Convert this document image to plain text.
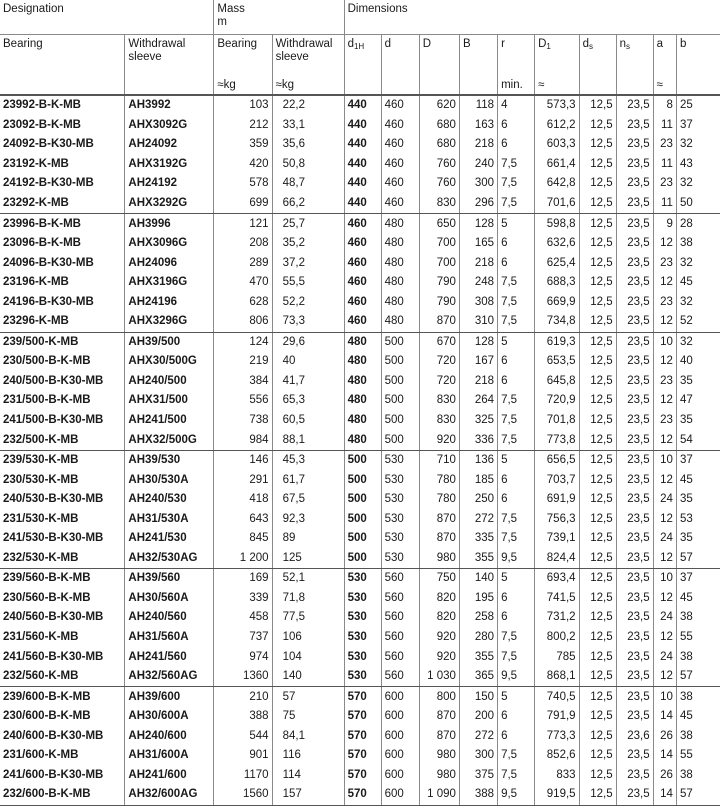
Designation		Mass
m		Dimensions									
Bearing	Withdrawal sleeve	Bearing	Withdrawal sleeve	$d_{1H}$	d	D	B	r	$D_1$	$d_s$	$n_s$	a	b
		≈kg	≈kg					min.	≈			≈	
23992-B-K-MB	AH3992	103	22,2	440	460	620	118	4	573,3	12,5	23,5	8	25
23092-B-K-MB	AHX3092G	212	33,1	440	460	680	163	6	612,2	12,5	23,5	11	37
24092-B-K30-MB	AH24092	359	35,6	440	460	680	218	6	603,3	12,5	23,5	23	32
23192-K-MB	AHX3192G	420	50,8	440	460	760	240	7,5	661,4	12,5	23,5	11	43
24192-B-K30-MB	AH24192	578	48,7	440	460	760	300	7,5	642,8	12,5	23,5	23	32
23292-K-MB	AHX3292G	699	66,2	440	460	830	296	7,5	701,6	12,5	23,5	11	50
23996-B-K-MB	AH3996	121	25,7	460	480	650	128	5	598,8	12,5	23,5	9	28
23096-B-K-MB	AHX3096G	208	35,2	460	480	700	165	6	632,6	12,5	23,5	12	38
24096-B-K30-MB	AH24096	289	37,2	460	480	700	218	6	625,4	12,5	23,5	23	32
23196-K-MB	AHX3196G	470	55,5	460	480	790	248	7,5	688,3	12,5	23,5	12	45
24196-B-K30-MB	AH24196	628	52,2	460	480	790	308	7,5	669,9	12,5	23,5	23	32
23296-K-MB	AHX3296G	806	73,3	460	480	870	310	7,5	734,8	12,5	23,5	12	52
239/500-K-MB	AH39/500	124	29,6	480	500	670	128	5	619,3	12,5	23,5	10	32
230/500-B-K-MB	AHX30/500G	219	40	480	500	720	167	6	653,5	12,5	23,5	12	40
240/500-B-K30-MB	AH240/500	384	41,7	480	500	720	218	6	645,8	12,5	23,5	23	35
231/500-B-K-MB	AHX31/500	556	65,3	480	500	830	264	7,5	720,9	12,5	23,5	12	47
241/500-B-K30-MB	AH241/500	738	60,5	480	500	830	325	7,5	701,8	12,5	23,5	23	35
232/500-K-MB	AHX32/500G	984	88,1	480	500	920	336	7,5	773,8	12,5	23,5	12	54
239/530-K-MB	AH39/530	146	45,3	500	530	710	136	5	656,5	12,5	23,5	10	37
230/530-K-MB	AH30/530A	291	61,7	500	530	780	185	6	703,7	12,5	23,5	12	45
240/530-B-K30-MB	AH240/530	418	67,5	500	530	780	250	6	691,9	12,5	23,5	24	35
231/530-K-MB	AH31/530A	643	92,3	500	530	870	272	7,5	756,3	12,5	23,5	12	53
241/530-B-K30-MB	AH241/530	845	89	500	530	870	335	7,5	739,1	12,5	23,5	24	35
232/530-K-MB	AH32/530AG	1 200	125	500	530	980	355	9,5	824,4	12,5	23,5	12	57
239/560-B-K-MB	AH39/560	169	52,1	530	560	750	140	5	693,4	12,5	23,5	10	37
230/560-B-K-MB	AH30/560A	339	71,8	530	560	820	195	6	741,5	12,5	23,5	12	45
240/560-B-K30-MB	AH240/560	458	77,5	530	560	820	258	6	731,2	12,5	23,5	24	38
231/560-K-MB	AH31/560A	737	106	530	560	920	280	7,5	800,2	12,5	23,5	12	55
241/560-B-K30-MB	AH241/560	974	104	530	560	920	355	7,5	785	12,5	23,5	24	38
232/560-K-MB	AH32/560AG	1360	140	530	560	1 030	365	9,5	868,1	12,5	23,5	12	57
239/600-B-K-MB	AH39/600	210	57	570	600	800	150	5	740,5	12,5	23,5	10	38
230/600-B-K-MB	AH30/600A	388	75	570	600	870	200	6	791,9	12,5	23,5	14	45
240/600-B-K30-MB	AH240/600	544	84,1	570	600	870	272	6	773,3	12,5	23,6	26	38
231/600-K-MB	AH31/600A	901	116	570	600	980	300	7,5	852,6	12,5	23,5	14	55
241/600-B-K30-MB	AH241/600	1170	114	570	600	980	375	7,5	833	12,5	23,5	26	38
232/600-B-K-MB	AH32/600AG	1560	157	570	600	1 090	388	9,5	919,5	12,5	23,5	14	57
